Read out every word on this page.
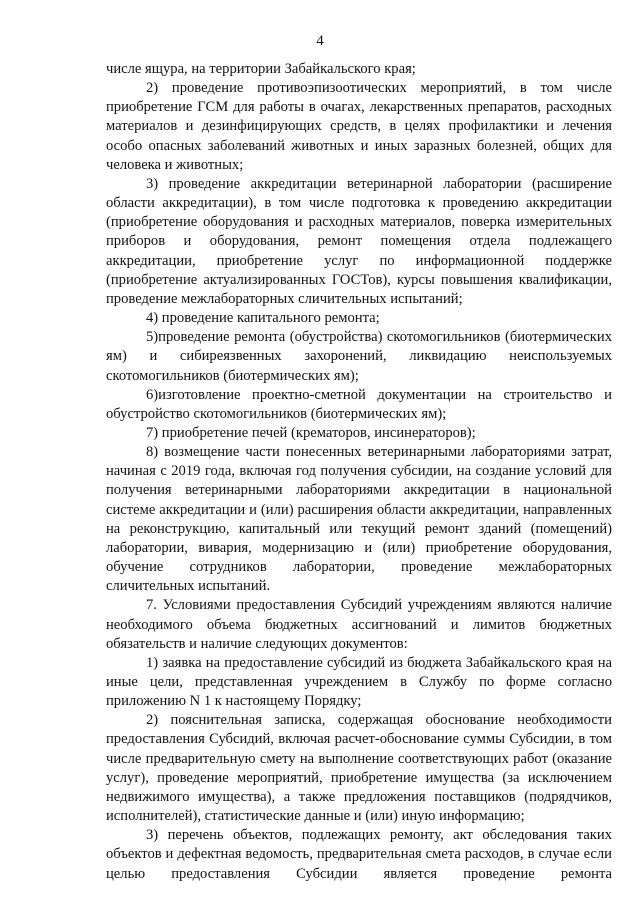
4

числе ящура, на территории Забайкальского края;

2) проведение противоэпизоотических мероприятий, в том числе приобретение ГСМ для работы в очагах, лекарственных препаратов, расходных материалов и дезинфицирующих средств, в целях профилактики и лечения особо опасных заболеваний животных и иных заразных болезней, общих для человека и животных;

3) проведение аккредитации ветеринарной лаборатории (расширение области аккредитации), в том числе подготовка к проведению аккредитации (приобретение оборудования и расходных материалов, поверка измерительных приборов и оборудования, ремонт помещения отдела подлежащего аккредитации, приобретение услуг по информационной поддержке (приобретение актуализированных ГОСТов), курсы повышения квалификации, проведение межлабораторных сличительных испытаний;

4) проведение капитального ремонта;

5)проведение ремонта (обустройства) скотомогильников (биотермических ям) и сибиреязвенных захоронений, ликвидацию неиспользуемых скотомогильников (биотермических ям);

6)изготовление проектно-сметной документации на строительство и обустройство скотомогильников (биотермических ям);

7) приобретение печей (крематоров, инсинераторов);

8) возмещение части понесенных ветеринарными лабораториями затрат, начиная с 2019 года, включая год получения субсидии, на создание условий для получения ветеринарными лабораториями аккредитации в национальной системе аккредитации и (или) расширения области аккредитации, направленных на реконструкцию, капитальный или текущий ремонт зданий (помещений) лаборатории, вивария, модернизацию и (или) приобретение оборудования, обучение сотрудников лаборатории, проведение межлабораторных сличительных испытаний.

7. Условиями предоставления Субсидий учреждениям являются наличие необходимого объема бюджетных ассигнований и лимитов бюджетных обязательств и наличие следующих документов:

1) заявка на предоставление субсидий из бюджета Забайкальского края на иные цели, представленная учреждением в Службу по форме согласно приложению N 1 к настоящему Порядку;

2) пояснительная записка, содержащая обоснование необходимости предоставления Субсидий, включая расчет-обоснование суммы Субсидии, в том числе предварительную смету на выполнение соответствующих работ (оказание услуг), проведение мероприятий, приобретение имущества (за исключением недвижимого имущества), а также предложения поставщиков (подрядчиков, исполнителей), статистические данные и (или) иную информацию;

3) перечень объектов, подлежащих ремонту, акт обследования таких объектов и дефектная ведомость, предварительная смета расходов, в случае если целью предоставления Субсидии является проведение ремонта
